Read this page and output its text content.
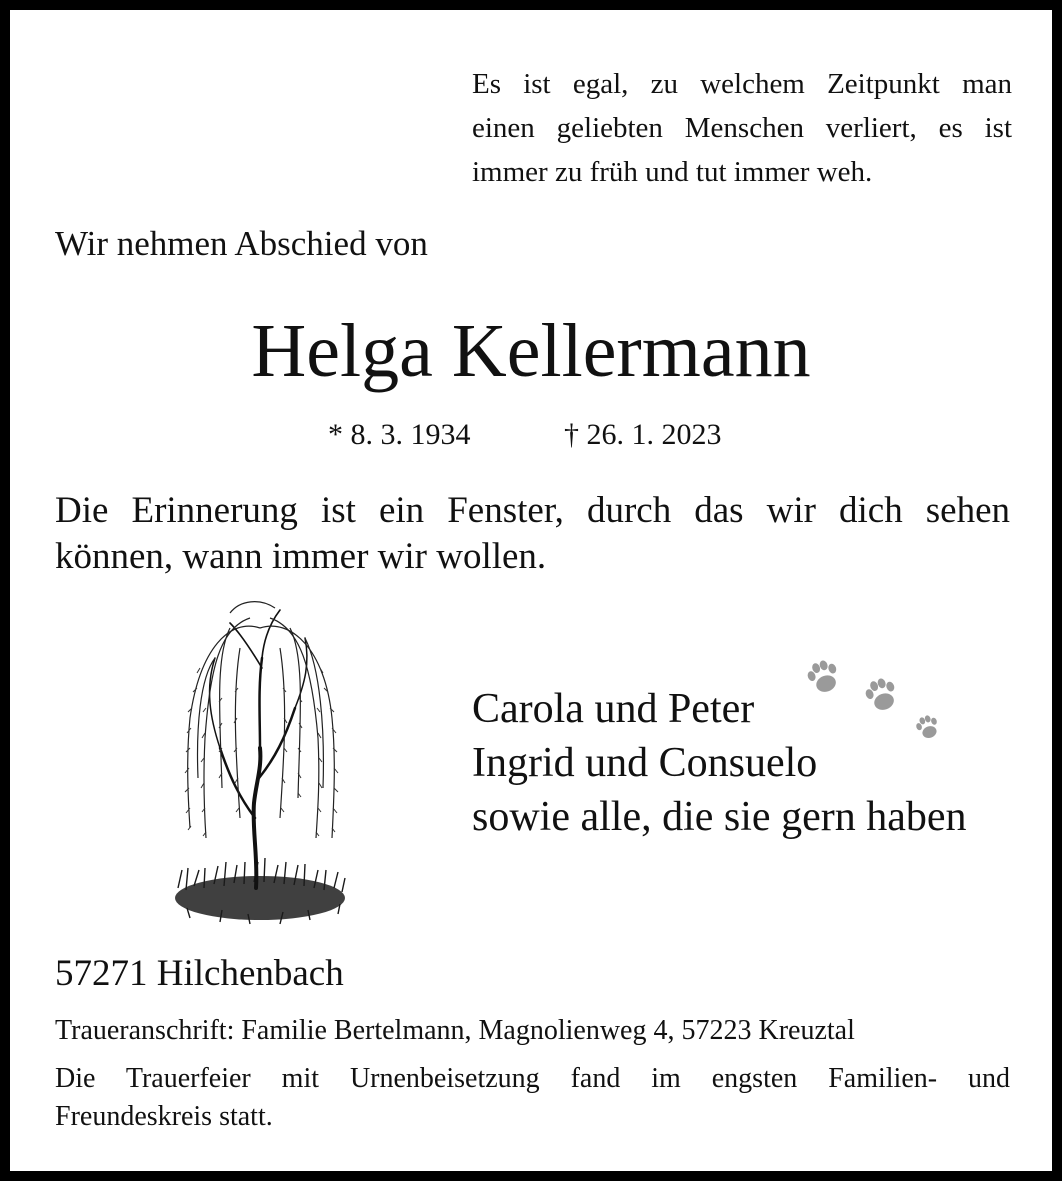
Es ist egal, zu welchem Zeitpunkt man
einen geliebten Menschen verliert, es ist
immer zu früh und tut immer weh.
Wir nehmen Abschied von
Helga Kellermann
* 8. 3. 1934	† 26. 1. 2023
Die Erinnerung ist ein Fenster, durch das wir dich sehen
können, wann immer wir wollen.
Carola und Peter
Ingrid und Consuelo
sowie alle, die sie gern haben
57271 Hilchenbach
Traueranschrift: Familie Bertelmann, Magnolienweg 4, 57223 Kreuztal
Die Trauerfeier mit Urnenbeisetzung fand im engsten Familien- und
Freundeskreis statt.
